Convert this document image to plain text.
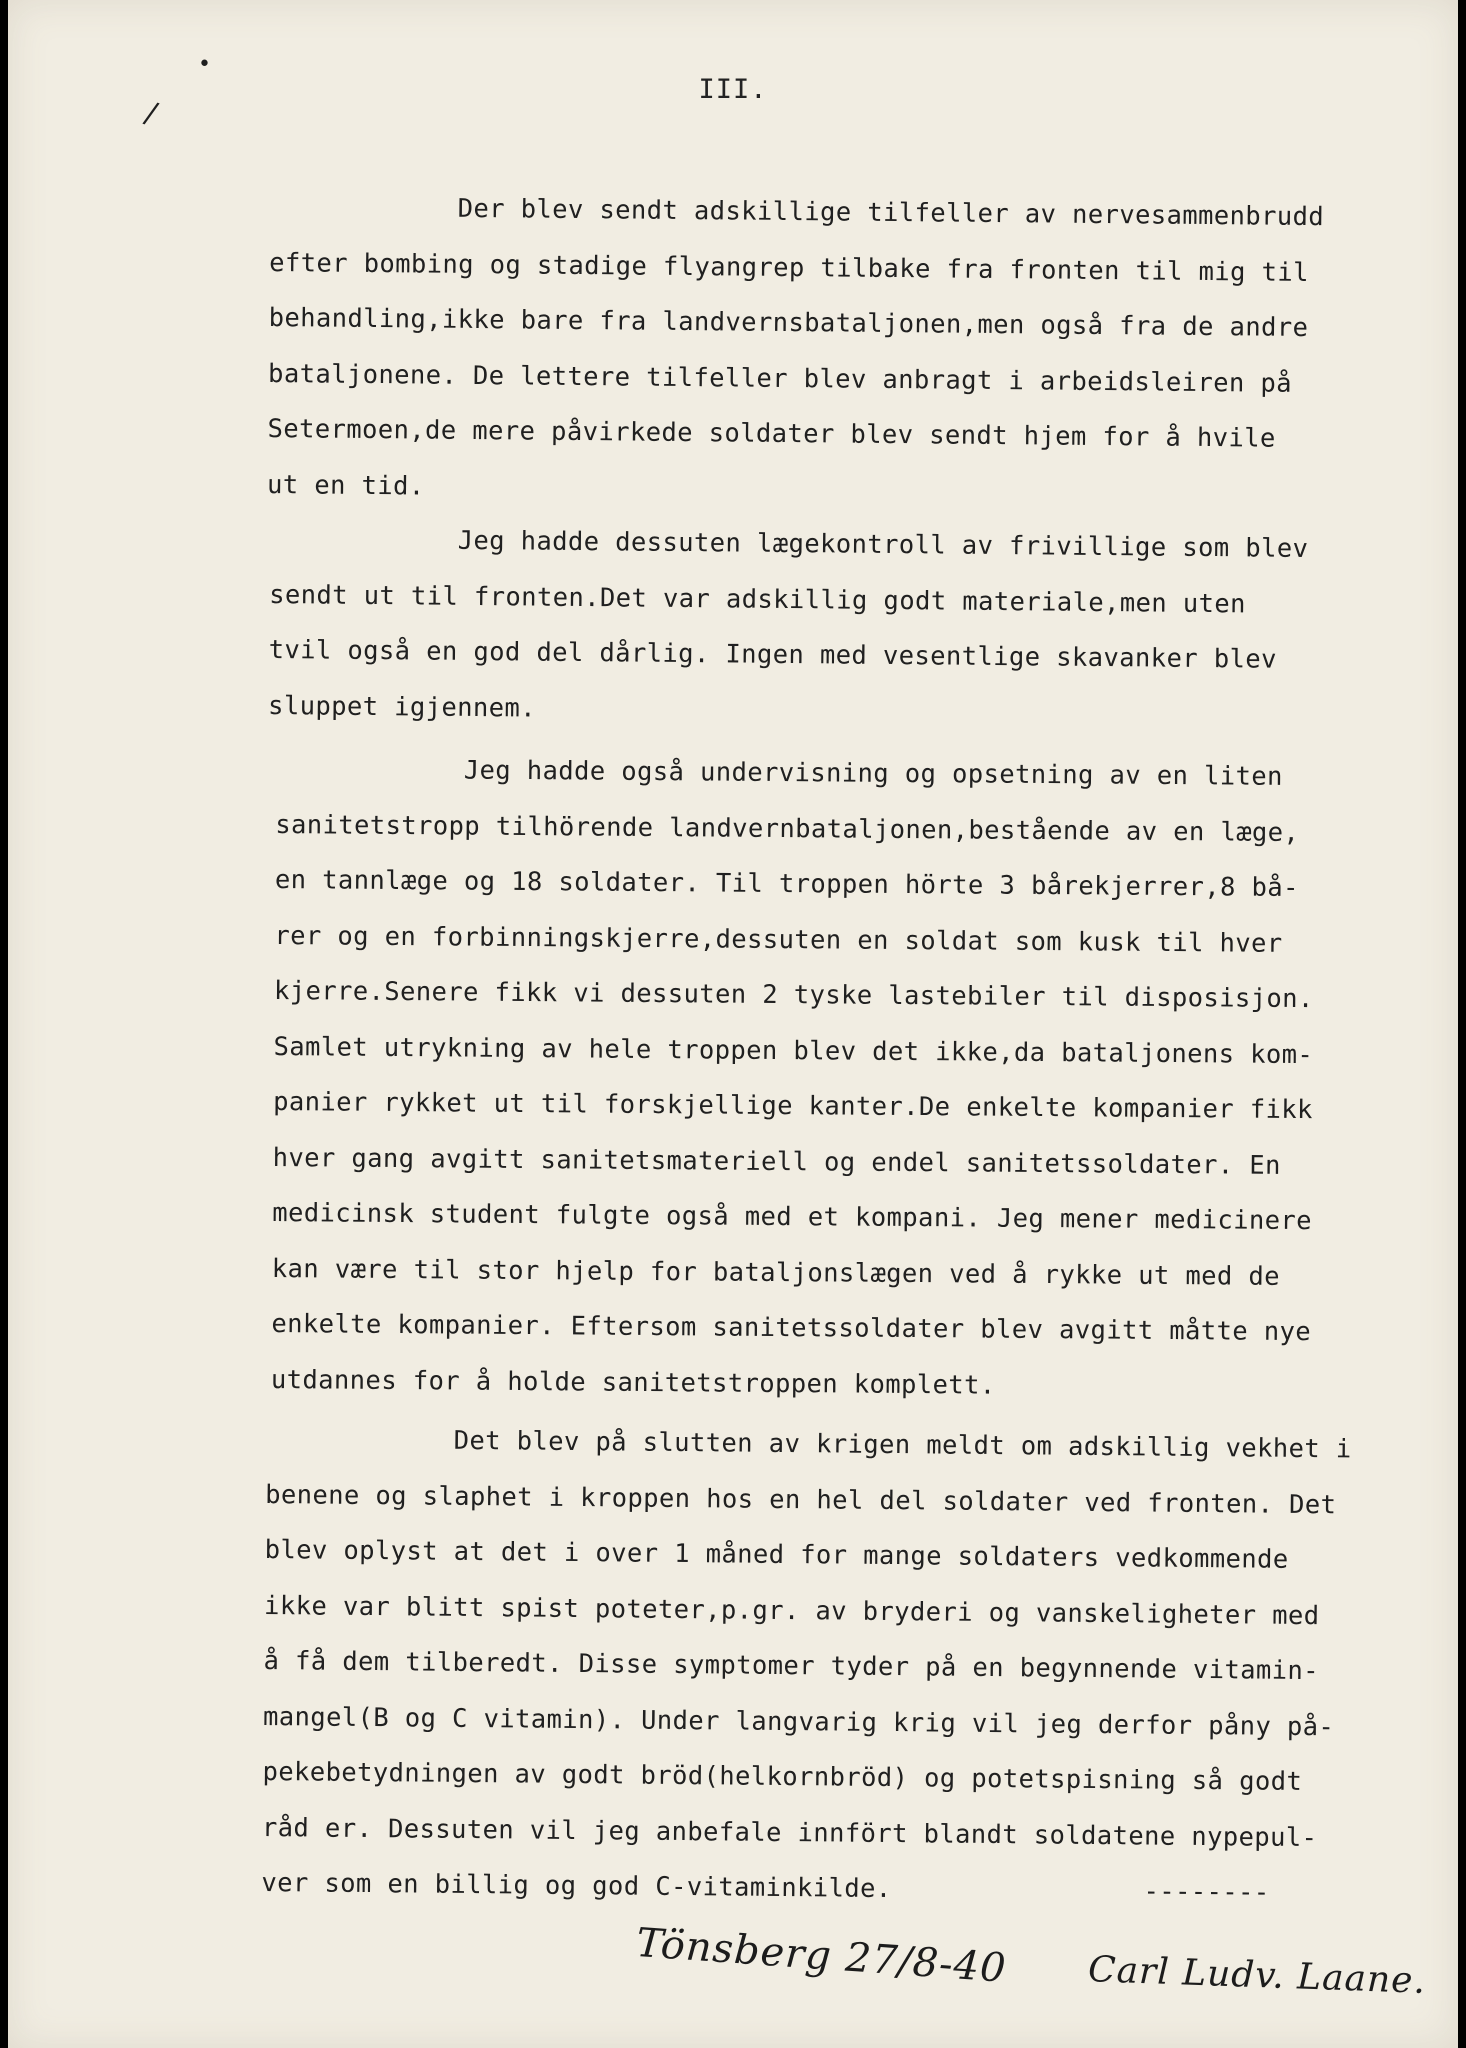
•
/
III.
Der blev sendt adskillige tilfeller av nervesammenbrudd
efter bombing og stadige flyangrep tilbake fra fronten til mig til
behandling,ikke bare fra landvernsbataljonen,men også fra de andre
bataljonene. De lettere tilfeller blev anbragt i arbeidsleiren på
Setermoen,de mere påvirkede soldater blev sendt hjem for å hvile
ut en tid.
Jeg hadde dessuten lægekontroll av frivillige som blev
sendt ut til fronten.Det var adskillig godt materiale,men uten
tvil også en god del dårlig. Ingen med vesentlige skavanker blev
sluppet igjennem.
Jeg hadde også undervisning og opsetning av en liten
sanitetstropp tilhörende landvernbataljonen,bestående av en læge,
en tannlæge og 18 soldater. Til troppen hörte 3 bårekjerrer,8 bå-
rer og en forbinningskjerre,dessuten en soldat som kusk til hver
kjerre.Senere fikk vi dessuten 2 tyske lastebiler til disposisjon.
Samlet utrykning av hele troppen blev det ikke,da bataljonens kom-
panier rykket ut til forskjellige kanter.De enkelte kompanier fikk
hver gang avgitt sanitetsmateriell og endel sanitetssoldater. En
medicinsk student fulgte også med et kompani. Jeg mener medicinere
kan være til stor hjelp for bataljonslægen ved å rykke ut med de
enkelte kompanier. Eftersom sanitetssoldater blev avgitt måtte nye
utdannes for å holde sanitetstroppen komplett.
Det blev på slutten av krigen meldt om adskillig vekhet i
benene og slaphet i kroppen hos en hel del soldater ved fronten. Det
blev oplyst at det i over 1 måned for mange soldaters vedkommende
ikke var blitt spist poteter,p.gr. av bryderi og vanskeligheter med
å få dem tilberedt. Disse symptomer tyder på en begynnende vitamin-
mangel(B og C vitamin). Under langvarig krig vil jeg derfor påny på-
pekebetydningen av godt bröd(helkornbröd) og potetspisning så godt
råd er. Dessuten vil jeg anbefale innfört blandt soldatene nypepul-
ver som en billig og god C-vitaminkilde.                --------
Tönsberg 27/8-40 Carl Ludv. Laane.
